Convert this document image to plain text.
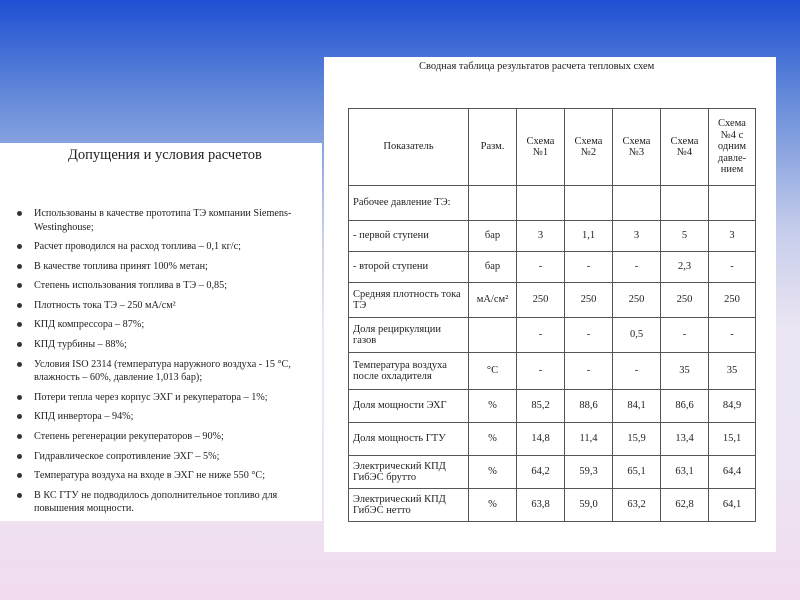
Допущения и условия расчетов
Использованы в качестве прототипа ТЭ компании Siemens-Westinghouse;
Расчет проводился на расход топлива – 0,1 кг/с;
В качестве топлива принят 100% метан;
Степень использования топлива в ТЭ – 0,85;
Плотность тока ТЭ – 250 мА/см²
КПД компрессора – 87%;
КПД турбины – 88%;
Условия ISO 2314 (температура наружного воздуха - 15 °С, влажность – 60%, давление 1,013 бар);
Потери тепла через корпус ЭХГ и рекуператора – 1%;
КПД инвертора – 94%;
Степень регенерации рекуператоров – 90%;
Гидравлическое сопротивление ЭХГ – 5%;
Температура воздуха на входе в ЭХГ не ниже 550 °С;
В КС ГТУ не подводилось дополнительное топливо для повышения мощности.
Сводная таблица результатов расчета тепловых схем
Показатель	Разм.	Схема №1	Схема №2	Схема №3	Схема №4	Схема №4 с одним давле-нием
Рабочее давление ТЭ:						
- первой ступени	бар	3	1,1	3	5	3
- второй ступени	бар	-	-	-	2,3	-
Средняя плотность тока ТЭ	мА/см²	250	250	250	250	250
Доля рециркуляции газов		-	-	0,5	-	-
Температура воздуха после охладителя	°С	-	-	-	35	35
Доля мощности ЭХГ	%	85,2	88,6	84,1	86,6	84,9
Доля мощность ГТУ	%	14,8	11,4	15,9	13,4	15,1
Электрический КПД ГибЭС брутто	%	64,2	59,3	65,1	63,1	64,4
Электрический КПД ГибЭС нетто	%	63,8	59,0	63,2	62,8	64,1
